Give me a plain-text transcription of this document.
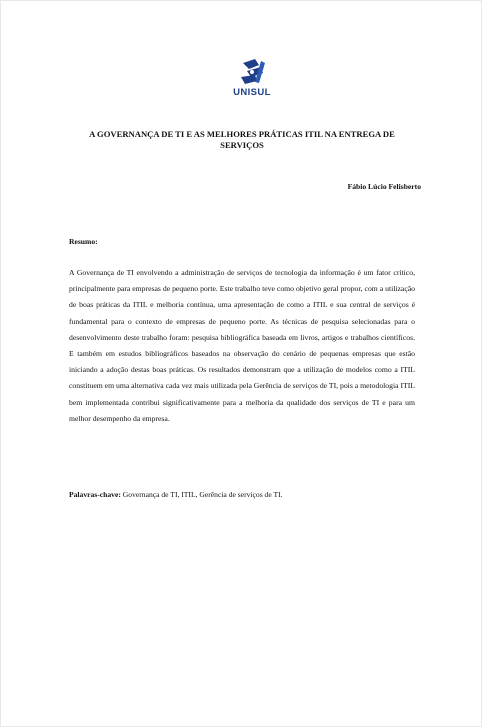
UNISUL
A GOVERNANÇA DE TI E AS MELHORES PRÁTICAS ITIL NA ENTREGA DE
SERVIÇOS
Fábio Lúcio Felisberto
Resumo:

A Governança de TI envolvendo a administração de serviços de tecnologia da informação é um fator crítico, principalmente para empresas de pequeno porte. Este trabalho teve como objetivo geral propor, com a utilização de boas práticas da ITIL e melhoria contínua, uma apresentação de como a ITIL e sua central de serviços é fundamental para o contexto de empresas de pequeno porte. As técnicas de pesquisa selecionadas para o desenvolvimento deste trabalho foram: pesquisa bibliográfica baseada em livros, artigos e trabalhos científicos. E também em estudos bibliográficos baseados na observação do cenário de pequenas empresas que estão iniciando a adoção destas boas práticas. Os resultados demonstram que a utilização de modelos como a ITIL constituem em uma alternativa cada vez mais utilizada pela Gerência de serviços de TI, pois a metodologia ITIL bem implementada contribui significativamente para a melhoria da qualidade dos serviços de TI e para um melhor desempenho da empresa.

Palavras-chave: Governança de TI, ITIL, Gerência de serviços de TI.
